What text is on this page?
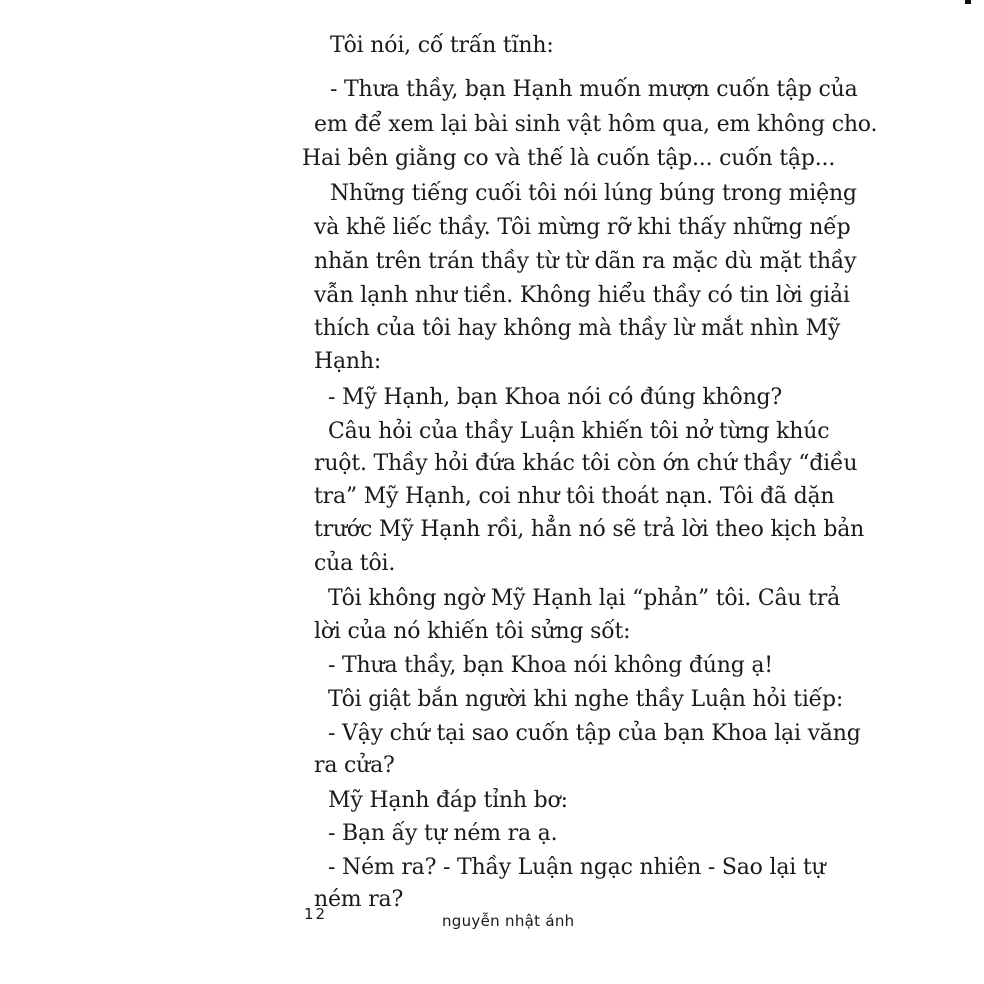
Tôi nói, cố trấn tĩnh:
- Thưa thầy, bạn Hạnh muốn mượn cuốn tập của
em để xem lại bài sinh vật hôm qua, em không cho.
Hai bên giằng co và thế là cuốn tập... cuốn tập...
Những tiếng cuối tôi nói lúng búng trong miệng
và khẽ liếc thầy. Tôi mừng rỡ khi thấy những nếp
nhăn trên trán thầy từ từ dãn ra mặc dù mặt thầy
vẫn lạnh như tiền. Không hiểu thầy có tin lời giải
thích của tôi hay không mà thầy lừ mắt nhìn Mỹ
Hạnh:
- Mỹ Hạnh, bạn Khoa nói có đúng không?
Câu hỏi của thầy Luận khiến tôi nở từng khúc
ruột. Thầy hỏi đứa khác tôi còn ớn chứ thầy “điều
tra” Mỹ Hạnh, coi như tôi thoát nạn. Tôi đã dặn
trước Mỹ Hạnh rồi, hẳn nó sẽ trả lời theo kịch bản
của tôi.
Tôi không ngờ Mỹ Hạnh lại “phản” tôi. Câu trả
lời của nó khiến tôi sửng sốt:
- Thưa thầy, bạn Khoa nói không đúng ạ!
Tôi giật bắn người khi nghe thầy Luận hỏi tiếp:
- Vậy chứ tại sao cuốn tập của bạn Khoa lại văng
ra cửa?
Mỹ Hạnh đáp tỉnh bơ:
- Bạn ấy tự ném ra ạ.
- Ném ra? - Thầy Luận ngạc nhiên - Sao lại tự
ném ra?
12	nguyễn nhật ánh
